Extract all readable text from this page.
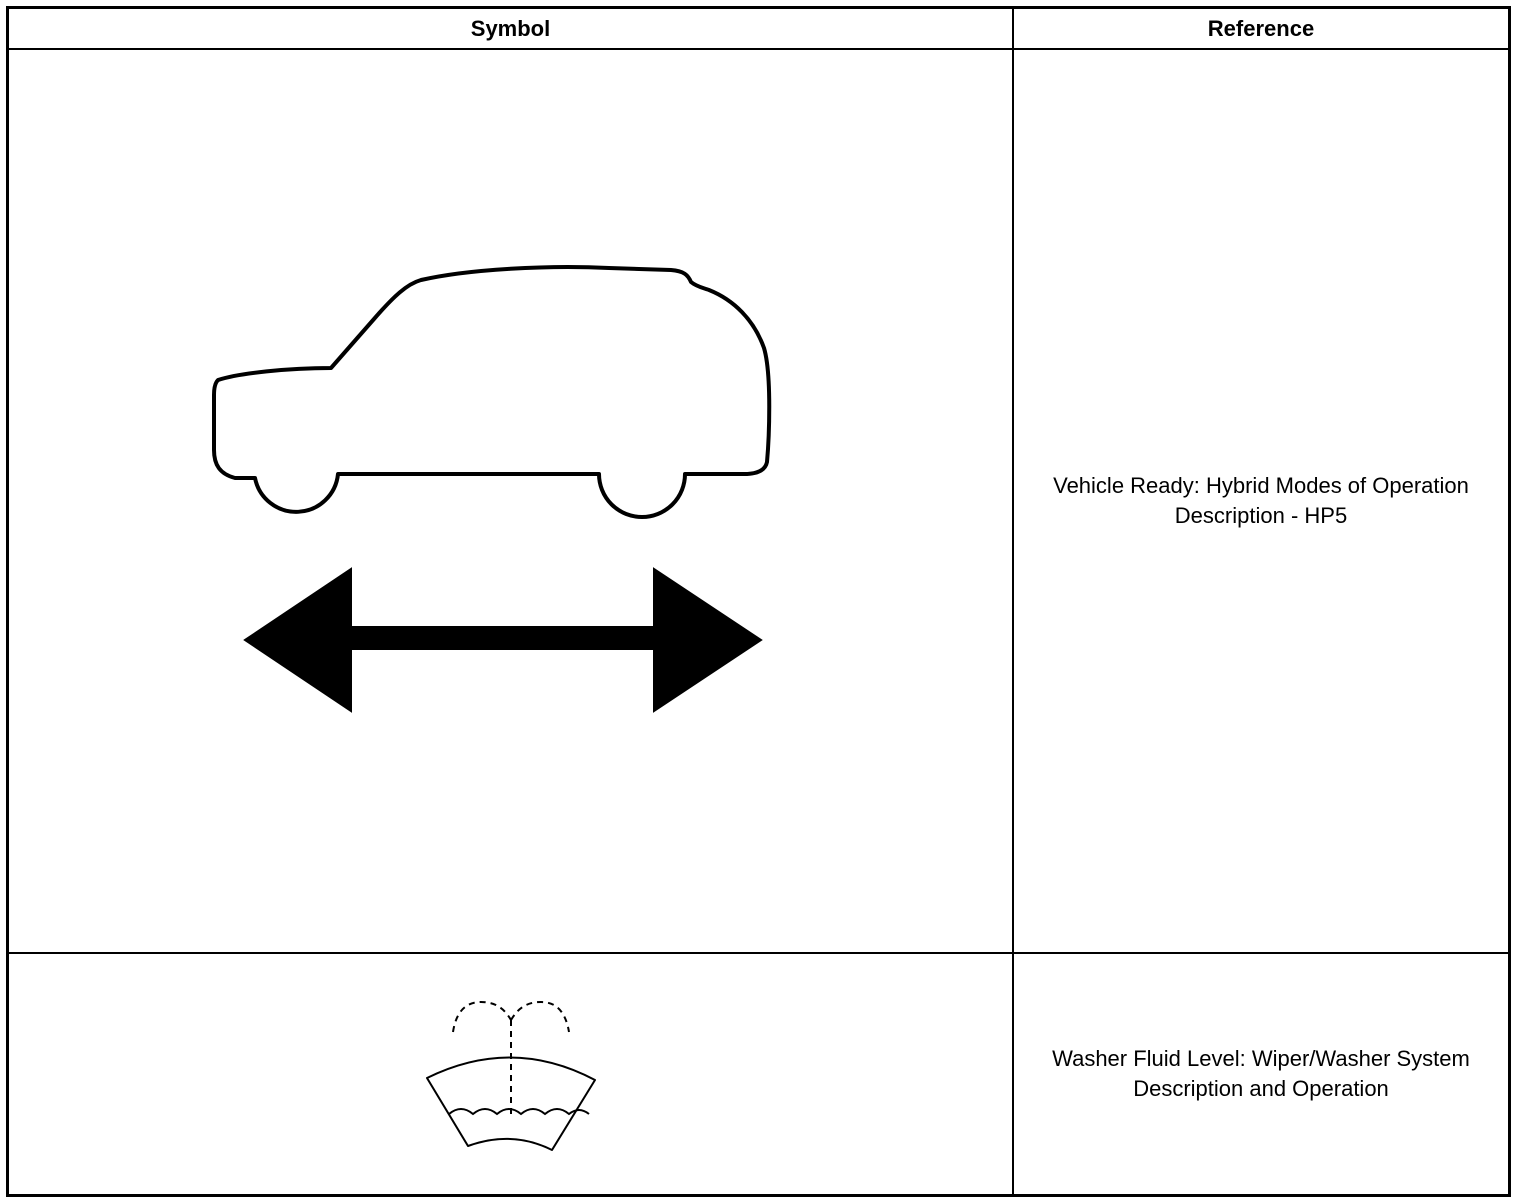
Symbol	Reference

Vehicle Ready: Hybrid Modes of Operation
Description - HP5

Washer Fluid Level: Wiper/Washer System
Description and Operation
